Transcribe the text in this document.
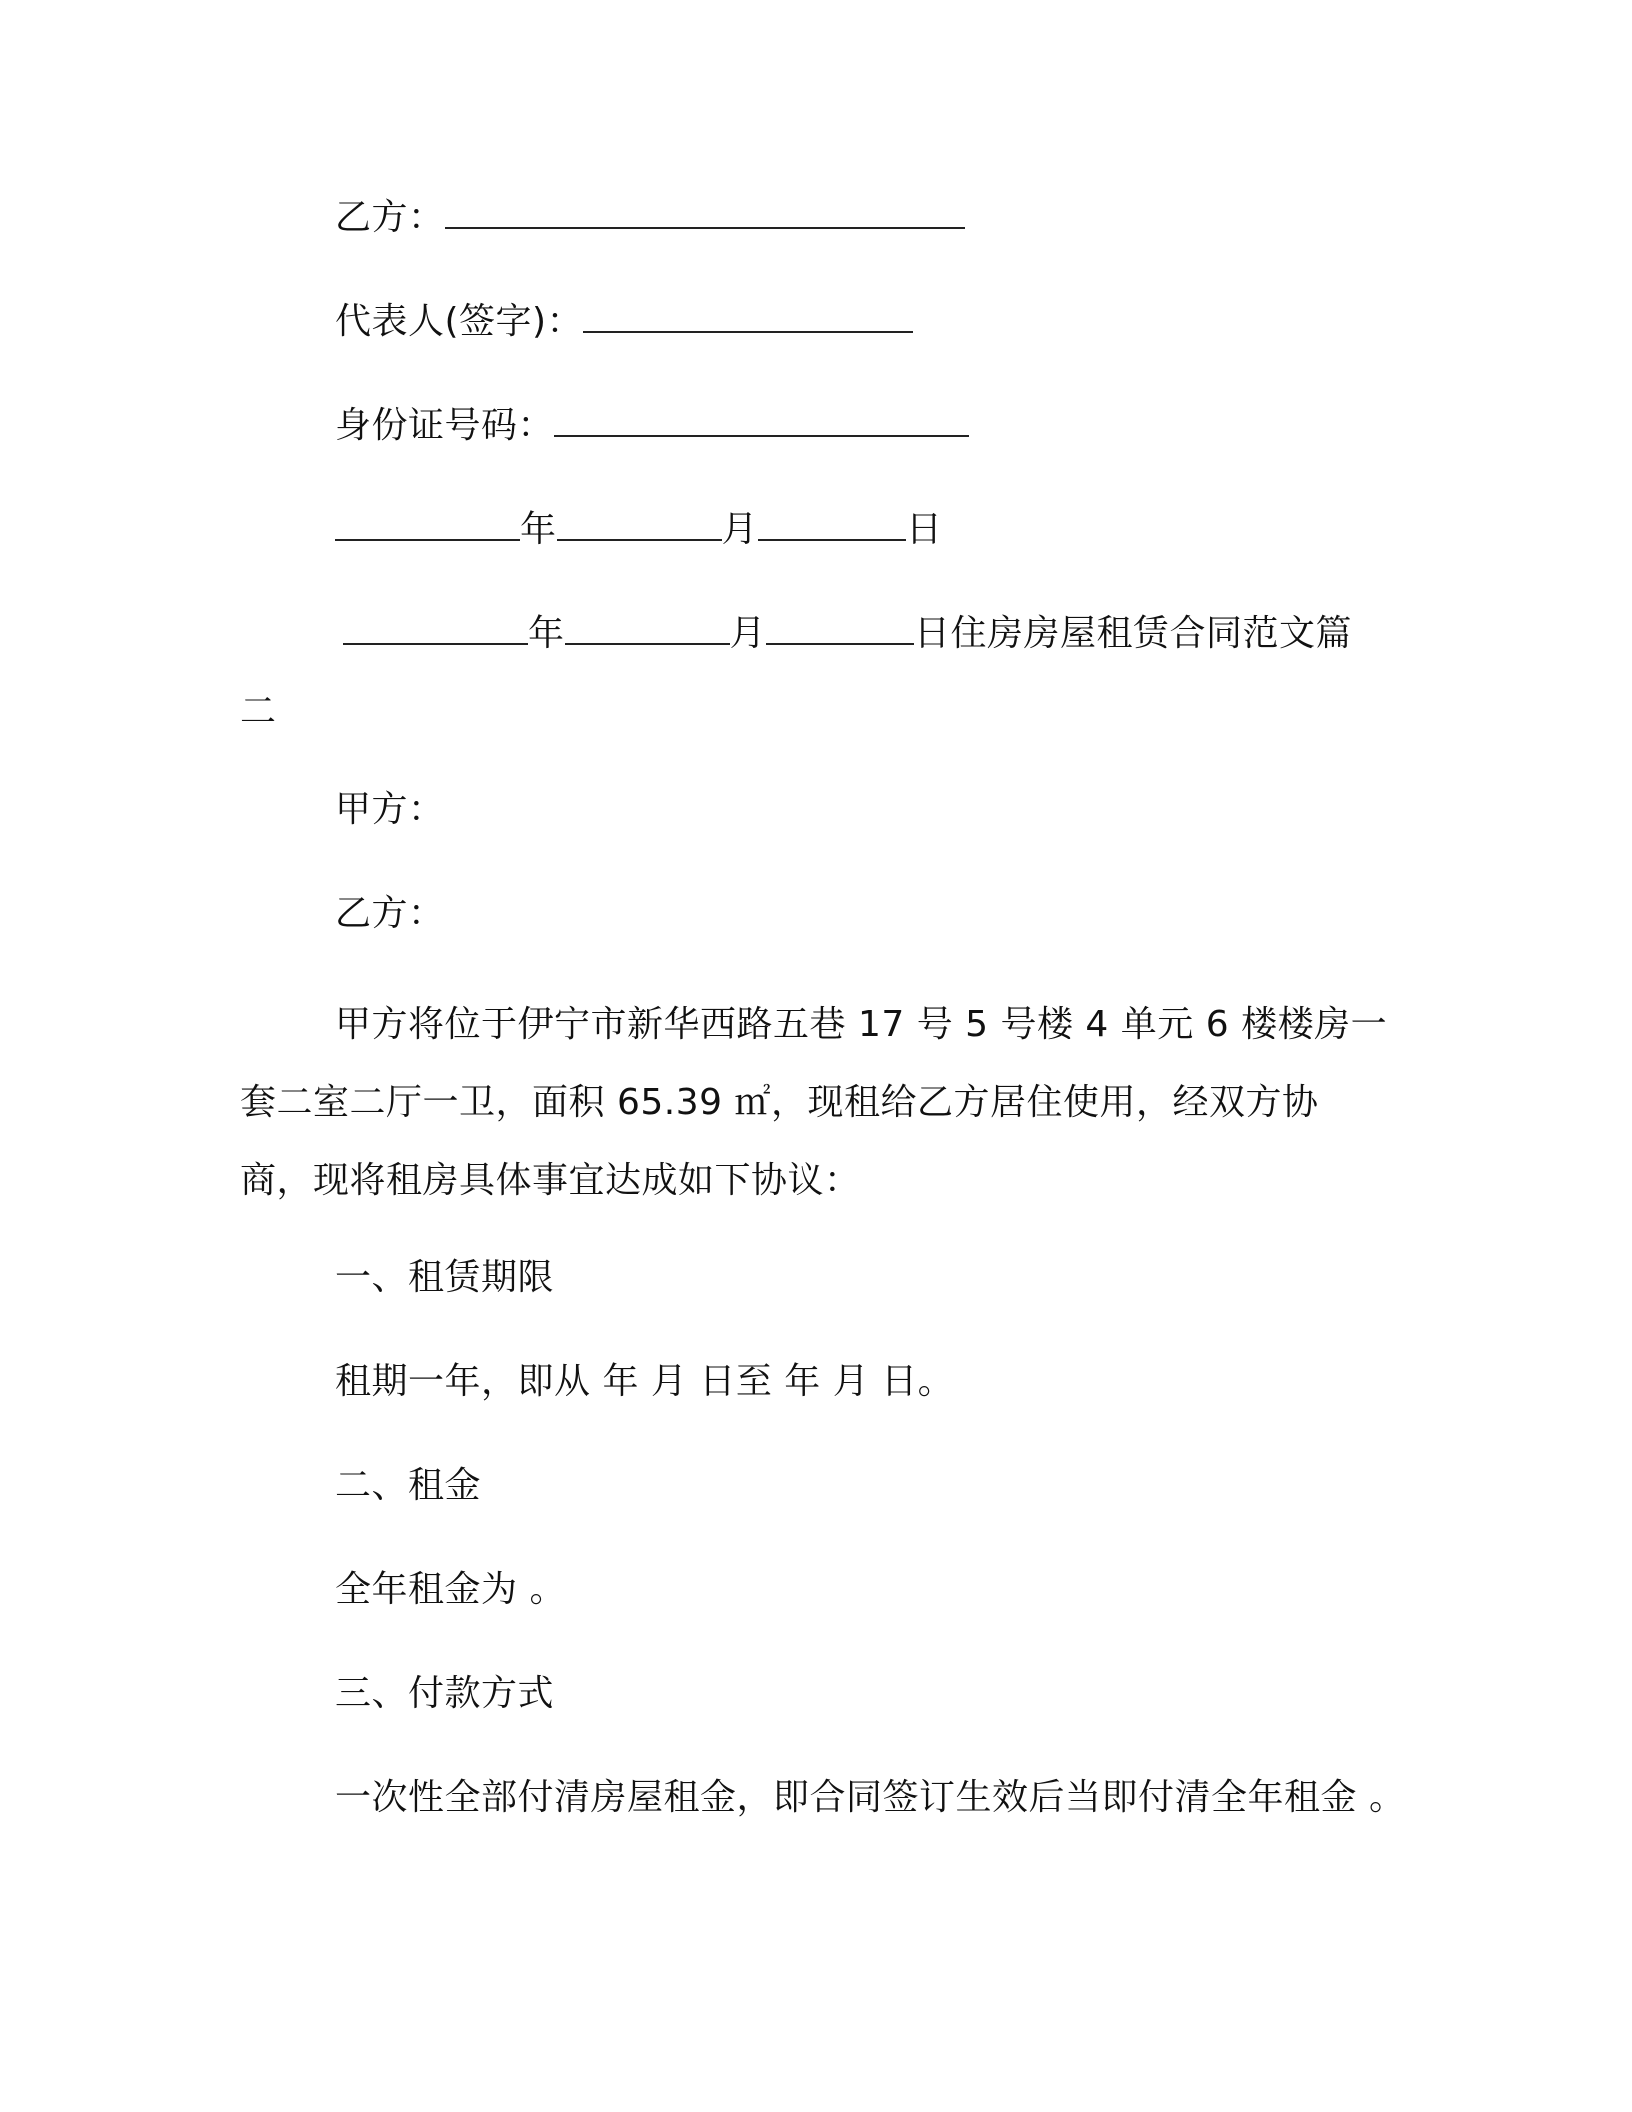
乙方：
代表人(签字)：
身份证号码：
年	月	日
年	月	日住房房屋租赁合同范文篇
二
甲方：
乙方：
甲方将位于伊宁市新华西路五巷 17 号 5 号楼 4 单元 6 楼楼房一套二室二厅一卫，面积 65.39 ㎡，现租给乙方居住使用，经双方协商，现将租房具体事宜达成如下协议：
一、租赁期限
租期一年，即从 年 月 日至 年 月 日。
二、租金
全年租金为 。
三、付款方式
一次性全部付清房屋租金，即合同签订生效后当即付清全年租金 。
